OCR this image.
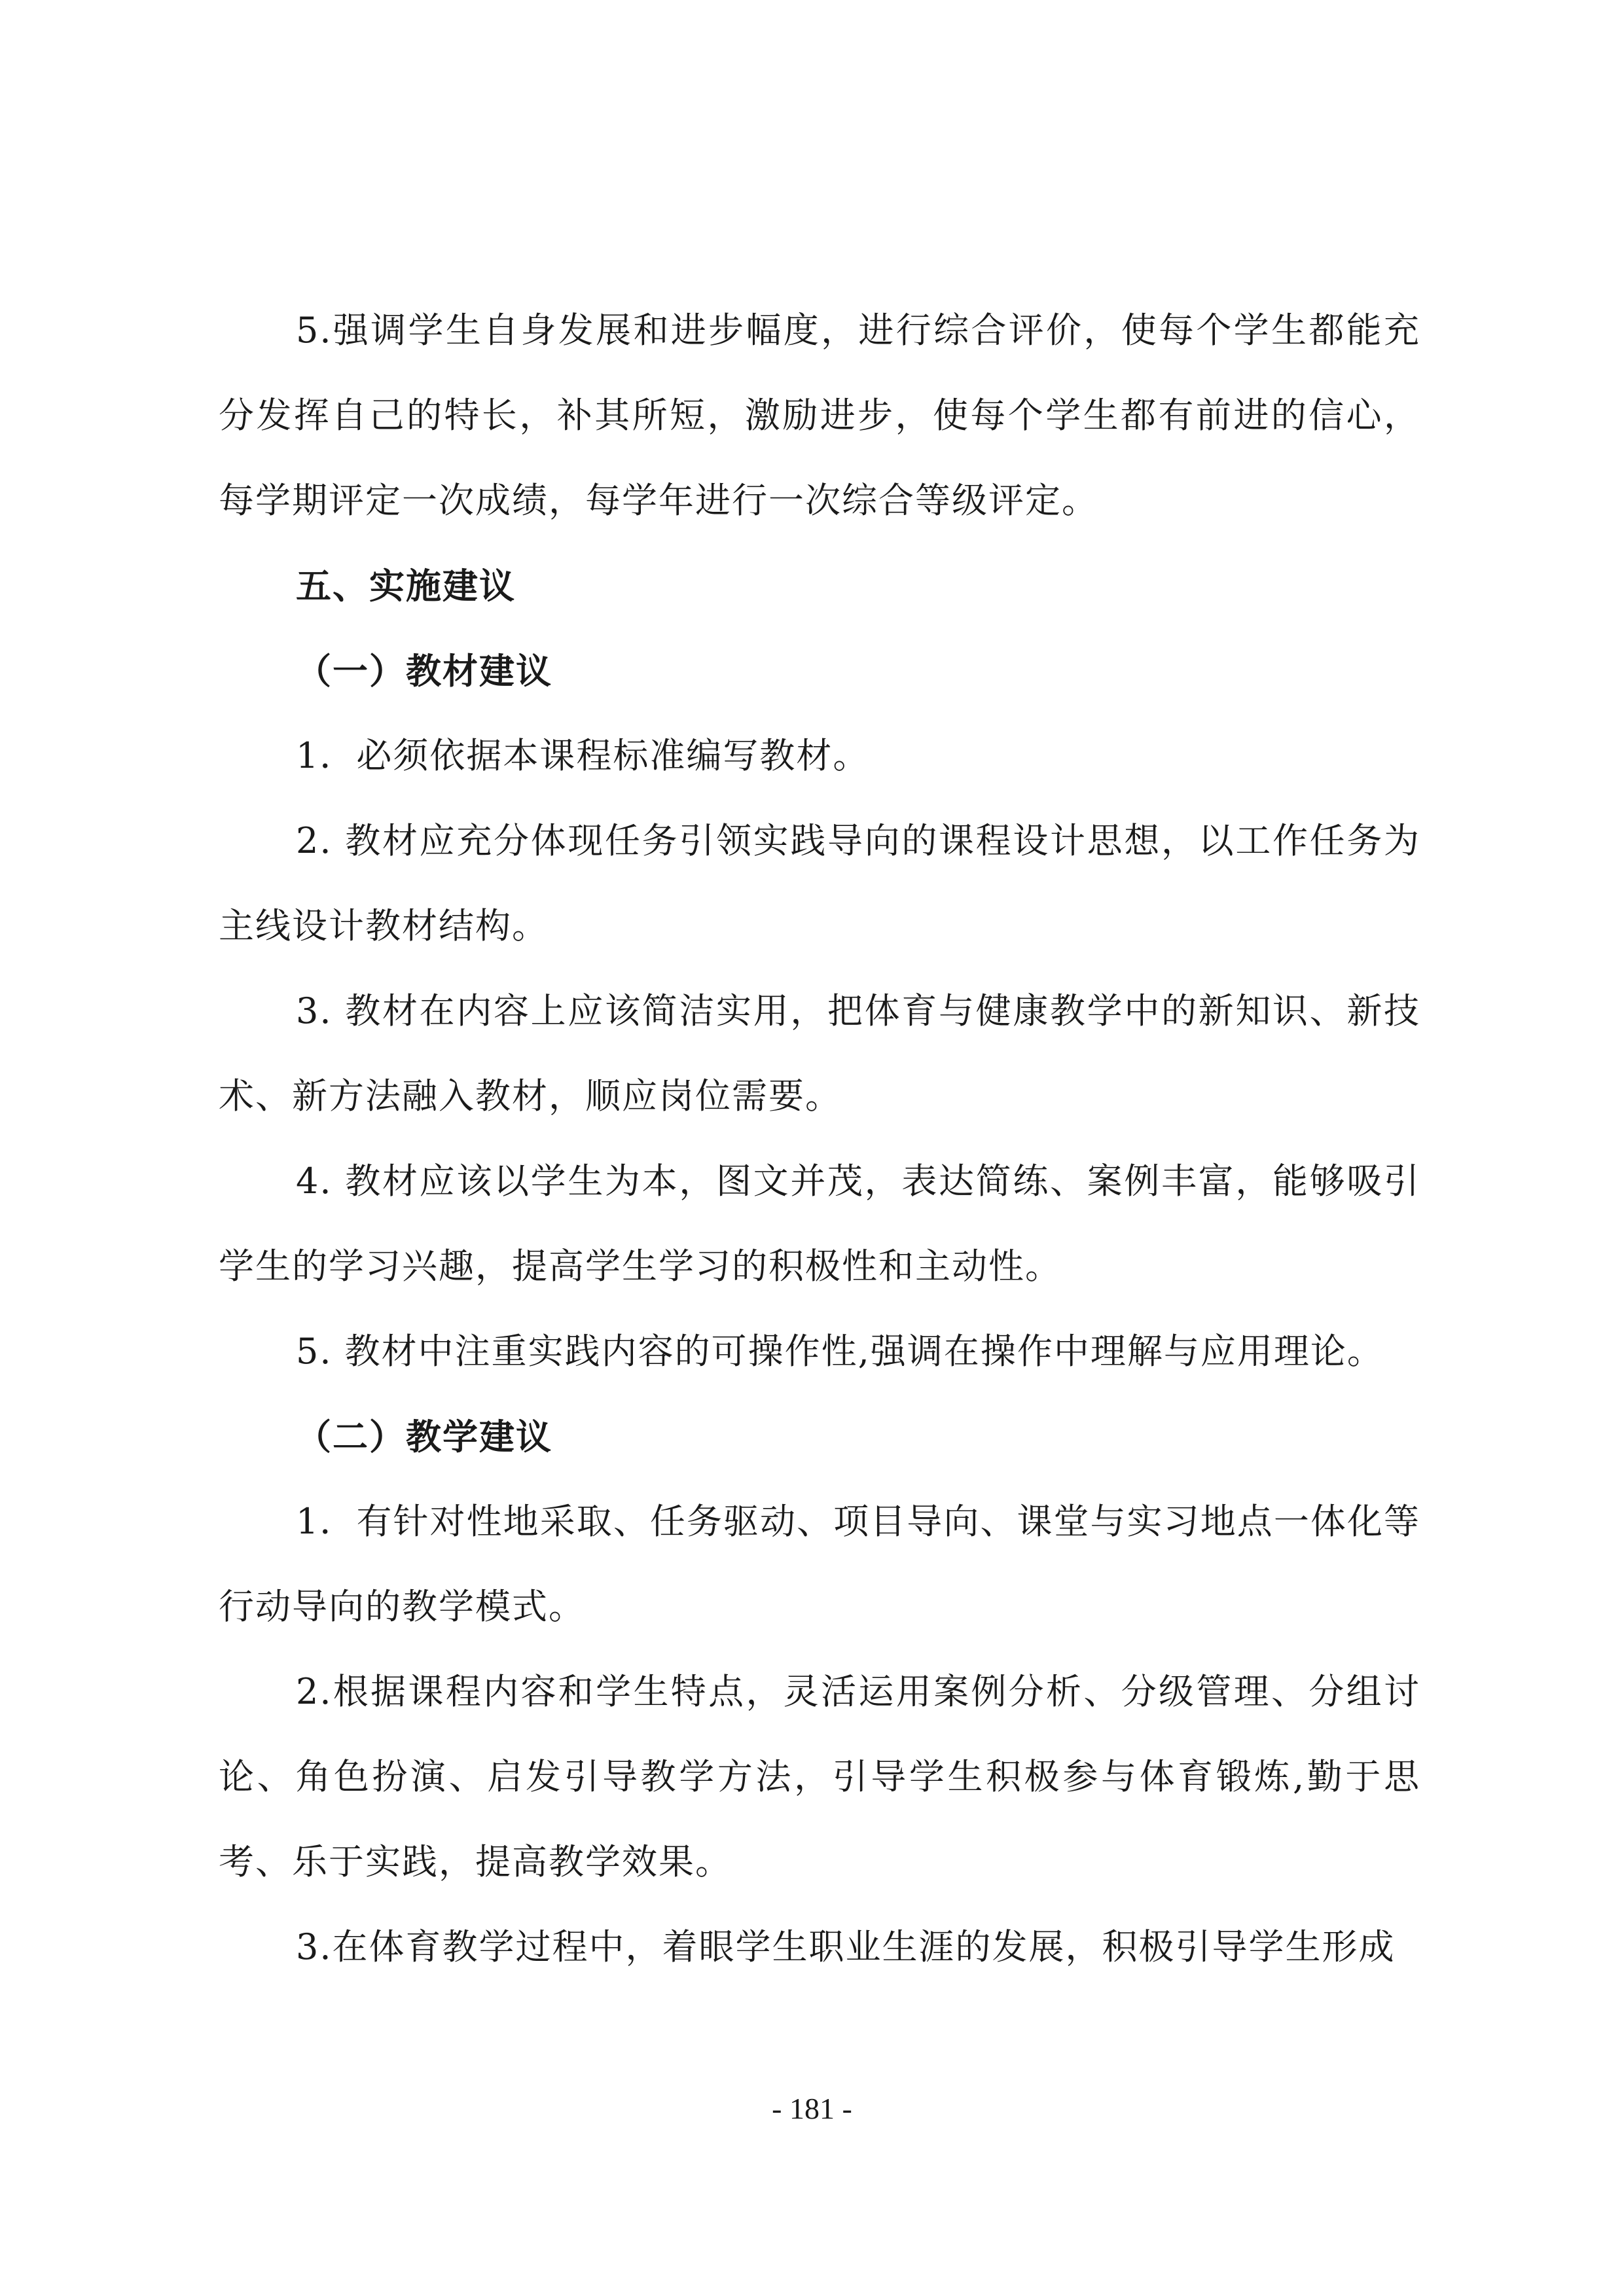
5.强调学生自身发展和进步幅度，进行综合评价，使每个学生都能充分发挥自己的特长，补其所短，激励进步，使每个学生都有前进的信心，每学期评定一次成绩，每学年进行一次综合等级评定。

五、实施建议

（一）教材建议

1．必须依据本课程标准编写教材。

2. 教材应充分体现任务引领实践导向的课程设计思想，以工作任务为主线设计教材结构。

3. 教材在内容上应该简洁实用，把体育与健康教学中的新知识、新技术、新方法融入教材，顺应岗位需要。

4. 教材应该以学生为本，图文并茂，表达简练、案例丰富，能够吸引学生的学习兴趣，提高学生学习的积极性和主动性。

5. 教材中注重实践内容的可操作性,强调在操作中理解与应用理论。

（二）教学建议

1．有针对性地采取、任务驱动、项目导向、课堂与实习地点一体化等行动导向的教学模式。

2.根据课程内容和学生特点，灵活运用案例分析、分级管理、分组讨论、角色扮演、启发引导教学方法，引导学生积极参与体育锻炼,勤于思考、乐于实践，提高教学效果。

3.在体育教学过程中，着眼学生职业生涯的发展，积极引导学生形成

- 181 -
